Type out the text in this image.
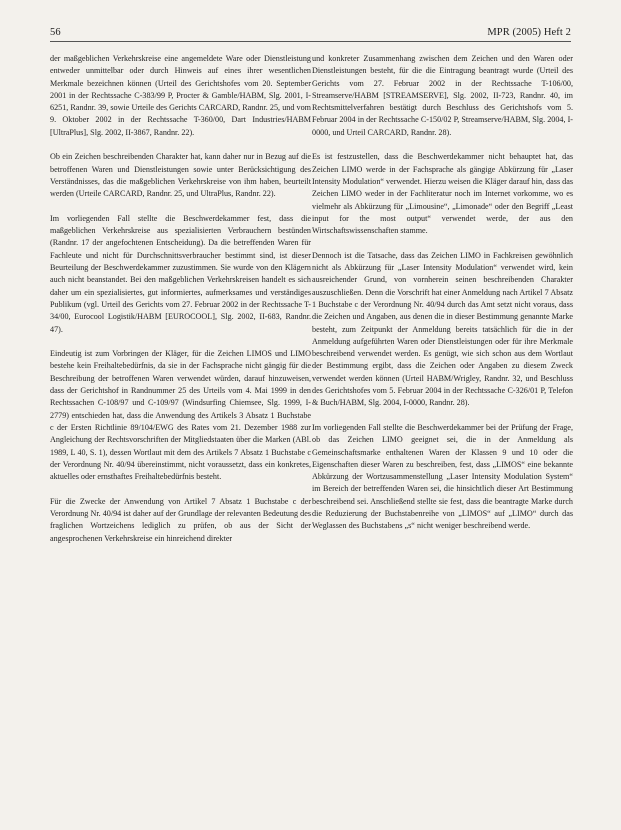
56	MPR (2005) Heft 2

der maßgeblichen Verkehrskreise eine angemeldete Ware oder Dienstleistung entweder unmittelbar oder durch Hinweis auf eines ihrer wesentlichen Merkmale bezeichnen können (Urteil des Gerichtshofes vom 20. September 2001 in der Rechtssache C-383/99 P, Procter & Gamble/HABM, Slg. 2001, I-6251, Randnr. 39, sowie Urteile des Gerichts CARCARD, Randnr. 25, und vom 9. Oktober 2002 in der Rechtssache T-360/00, Dart Industries/HABM [UltraPlus], Slg. 2002, II-3867, Randnr. 22).

Ob ein Zeichen beschreibenden Charakter hat, kann daher nur in Bezug auf die betroffenen Waren und Dienstleistungen sowie unter Berücksichtigung des Verständnisses, das die maßgeblichen Verkehrskreise von ihm haben, beurteilt werden (Urteile CARCARD, Randnr. 25, und UltraPlus, Randnr. 22).

Im vorliegenden Fall stellte die Beschwerdekammer fest, dass die maßgeblichen Verkehrskreise aus spezialisierten Verbrauchern bestünden (Randnr. 17 der angefochtenen Entscheidung). Da die betreffenden Waren für Fachleute und nicht für Durchschnittsverbraucher bestimmt sind, ist dieser Beurteilung der Beschwerdekammer zuzustimmen. Sie wurde von den Klägern auch nicht beanstandet. Bei den maßgeblichen Verkehrskreisen handelt es sich daher um ein spezialisiertes, gut informiertes, aufmerksames und verständiges Publikum (vgl. Urteil des Gerichts vom 27. Februar 2002 in der Rechtssache T-34/00, Eurocool Logistik/HABM [EUROCOOL], Slg. 2002, II-683, Randnr. 47).

Eindeutig ist zum Vorbringen der Kläger, für die Zeichen LIMOS und LIMO bestehe kein Freihaltebedürfnis, da sie in der Fachsprache nicht gängig für die Beschreibung der betroffenen Waren verwendet würden, darauf hinzuweisen, dass der Gerichtshof in Randnummer 25 des Urteils vom 4. Mai 1999 in den Rechtssachen C-108/97 und C-109/97 (Windsurfing Chiemsee, Slg. 1999, I-2779) entschieden hat, dass die Anwendung des Artikels 3 Absatz 1 Buchstabe c der Ersten Richtlinie 89/104/EWG des Rates vom 21. Dezember 1988 zur Angleichung der Rechtsvorschriften der Mitgliedstaaten über die Marken (ABl. 1989, L 40, S. 1), dessen Wortlaut mit dem des Artikels 7 Absatz 1 Buchstabe c der Verordnung Nr. 40/94 übereinstimmt, nicht voraussetzt, dass ein konkretes, aktuelles oder ernsthaftes Freihaltebedürfnis besteht.

Für die Zwecke der Anwendung von Artikel 7 Absatz 1 Buchstabe c der Verordnung Nr. 40/94 ist daher auf der Grundlage der relevanten Bedeutung des fraglichen Wortzeichens lediglich zu prüfen, ob aus der Sicht der angesprochenen Verkehrskreise ein hinreichend direkter

und konkreter Zusammenhang zwischen dem Zeichen und den Waren oder Dienstleistungen besteht, für die die Eintragung beantragt wurde (Urteil des Gerichts vom 27. Februar 2002 in der Rechtssache T-106/00, Streamserve/HABM [STREAMSERVE], Slg. 2002, II-723, Randnr. 40, im Rechtsmittelverfahren bestätigt durch Beschluss des Gerichtshofs vom 5. Februar 2004 in der Rechtssache C-150/02 P, Streamserve/HABM, Slg. 2004, I-0000, und Urteil CARCARD, Randnr. 28).

Es ist festzustellen, dass die Beschwerdekammer nicht behauptet hat, das Zeichen LIMO werde in der Fachsprache als gängige Abkürzung für „Laser Intensity Modulation“ verwendet. Hierzu weisen die Kläger darauf hin, dass das Zeichen LIMO weder in der Fachliteratur noch im Internet vorkomme, wo es vielmehr als Abkürzung für „Limousine“, „Limonade“ oder den Begriff „Least input for the most output“ verwendet werde, der aus den Wirtschaftswissenschaften stamme.

Dennoch ist die Tatsache, dass das Zeichen LIMO in Fachkreisen gewöhnlich nicht als Abkürzung für „Laser Intensity Modulation“ verwendet wird, kein ausreichender Grund, von vornherein seinen beschreibenden Charakter auszuschließen. Denn die Vorschrift hat einer Anmeldung nach Artikel 7 Absatz 1 Buchstabe c der Verordnung Nr. 40/94 durch das Amt setzt nicht voraus, dass die Zeichen und Angaben, aus denen die in dieser Bestimmung genannte Marke besteht, zum Zeitpunkt der Anmeldung bereits tatsächlich für die in der Anmeldung aufgeführten Waren oder Dienstleistungen oder für ihre Merkmale beschreibend verwendet werden. Es genügt, wie sich schon aus dem Wortlaut der Bestimmung ergibt, dass die Zeichen oder Angaben zu diesem Zweck verwendet werden können (Urteil HABM/Wrigley, Randnr. 32, und Beschluss des Gerichtshofes vom 5. Februar 2004 in der Rechtssache C-326/01 P, Telefon & Buch/HABM, Slg. 2004, I-0000, Randnr. 28).

Im vorliegenden Fall stellte die Beschwerdekammer bei der Prüfung der Frage, ob das Zeichen LIMO geeignet sei, die in der Anmeldung als Gemeinschaftsmarke enthaltenen Waren der Klassen 9 und 10 oder die Eigenschaften dieser Waren zu beschreiben, fest, dass „LIMOS“ eine bekannte Abkürzung der Wortzusammenstellung „Laser Intensity Modulation System“ im Bereich der betreffenden Waren sei, die hinsichtlich dieser Art Bestimmung beschreibend sei. Anschließend stellte sie fest, dass die beantragte Marke durch die Reduzierung der Buchstabenreihe von „LIMOS“ auf „LIMO“ durch das Weglassen des Buchstabens „s“ nicht weniger beschreibend werde.
